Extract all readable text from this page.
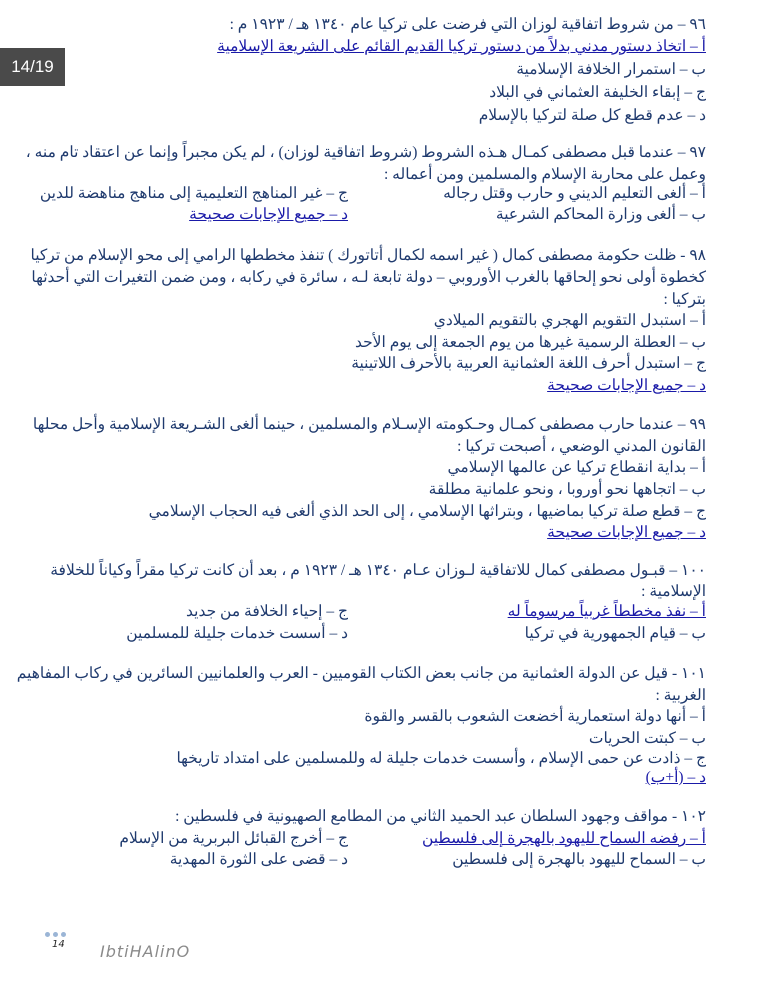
14/19
٩٦ – من شروط اتفاقية لوزان التي فرضت على تركيا عام ١٣٤٠ هـ / ١٩٢٣ م :
أ – اتخاذ دستور مدني بدلاً من دستور تركيا القديم القائم على الشريعة الإسلامية
ب – استمرار الخلافة الإسلامية
ج – إبقاء الخليفة العثماني في البلاد
د – عدم قطع كل صلة لتركيا بالإسلام
٩٧ – عندما قبل مصطفى كمـال هـذه الشروط (شروط اتفاقية لوزان) ، لم يكن مجبراً وإنما عن اعتقاد تام منه ،
وعمل على محاربة الإسلام والمسلمين ومن أعماله :
أ – ألغى التعليم الديني و حارب وقتل رجاله
ج – غير المناهج التعليمية إلى مناهج مناهضة للدين
ب – ألغى وزارة المحاكم الشرعية
د – جميع الإجابات صحيحة
٩٨ - ظلت حكومة مصطفى كمال ( غير اسمه لكمال أتاتورك ) تنفذ مخططها الرامي إلى محو الإسلام من تركيا
كخطوة أولى نحو إلحاقها بالغرب الأوروبي – دولة تابعة لـه ، سائرة في ركابه ، ومن ضمن التغيرات التي أحدثها
بتركيا :
أ – استبدل التقويم الهجري بالتقويم الميلادي
ب – العطلة الرسمية غيرها من يوم الجمعة إلى يوم الأحد
ج – استبدل أحرف اللغة العثمانية العربية بالأحرف اللاتينية
د – جميع الإجابات صحيحة
٩٩ – عندما حارب مصطفى كمـال وحـكومته الإسـلام والمسلمين ، حينما ألغى الشـريعة الإسلامية وأحل محلها
القانون المدني الوضعي ، أصبحت تركيا :
أ – بداية انقطاع تركيا عن عالمها الإسلامي
ب – اتجاهها نحو أوروبا ، ونحو علمانية مطلقة
ج – قطع صلة تركيا بماضيها ، وبتراثها الإسلامي ، إلى الحد الذي ألغى فيه الحجاب الإسلامي
د – جميع الإجابات صحيحة
١٠٠ – قبـول مصطفى كمال للاتفاقية لـوزان عـام ١٣٤٠ هـ / ١٩٢٣ م ، بعد أن كانت تركيا مقراً وكياناً للخلافة
الإسلامية :
أ – نفذ مخططاً غربياً مرسوماً له
ج – إحياء الخلافة من جديد
ب – قيام الجمهورية في تركيا
د – أسست خدمات جليلة للمسلمين
١٠١ - قيل عن الدولة العثمانية من جانب بعض الكتاب القوميين - العرب والعلمانيين السائرين في ركاب المفاهيم
الغربية :
أ – أنها دولة استعمارية أخضعت الشعوب بالقسر والقوة
ب – كبتت الحريات
ج – ذادت عن حمى الإسلام ، وأسست خدمات جليلة له وللمسلمين على امتداد تاريخها
د – (أ+ب)
١٠٢ - مواقف وجهود السلطان عبد الحميد الثاني من المطامع الصهيونية في فلسطين :
أ – رفضه السماح لليهود بالهجرة إلى فلسطين
ج – أخرج القبائل البربرية من الإسلام
ب – السماح لليهود بالهجرة إلى فلسطين
د – قضى على الثورة المهدية
14 IbtiHAlinO
